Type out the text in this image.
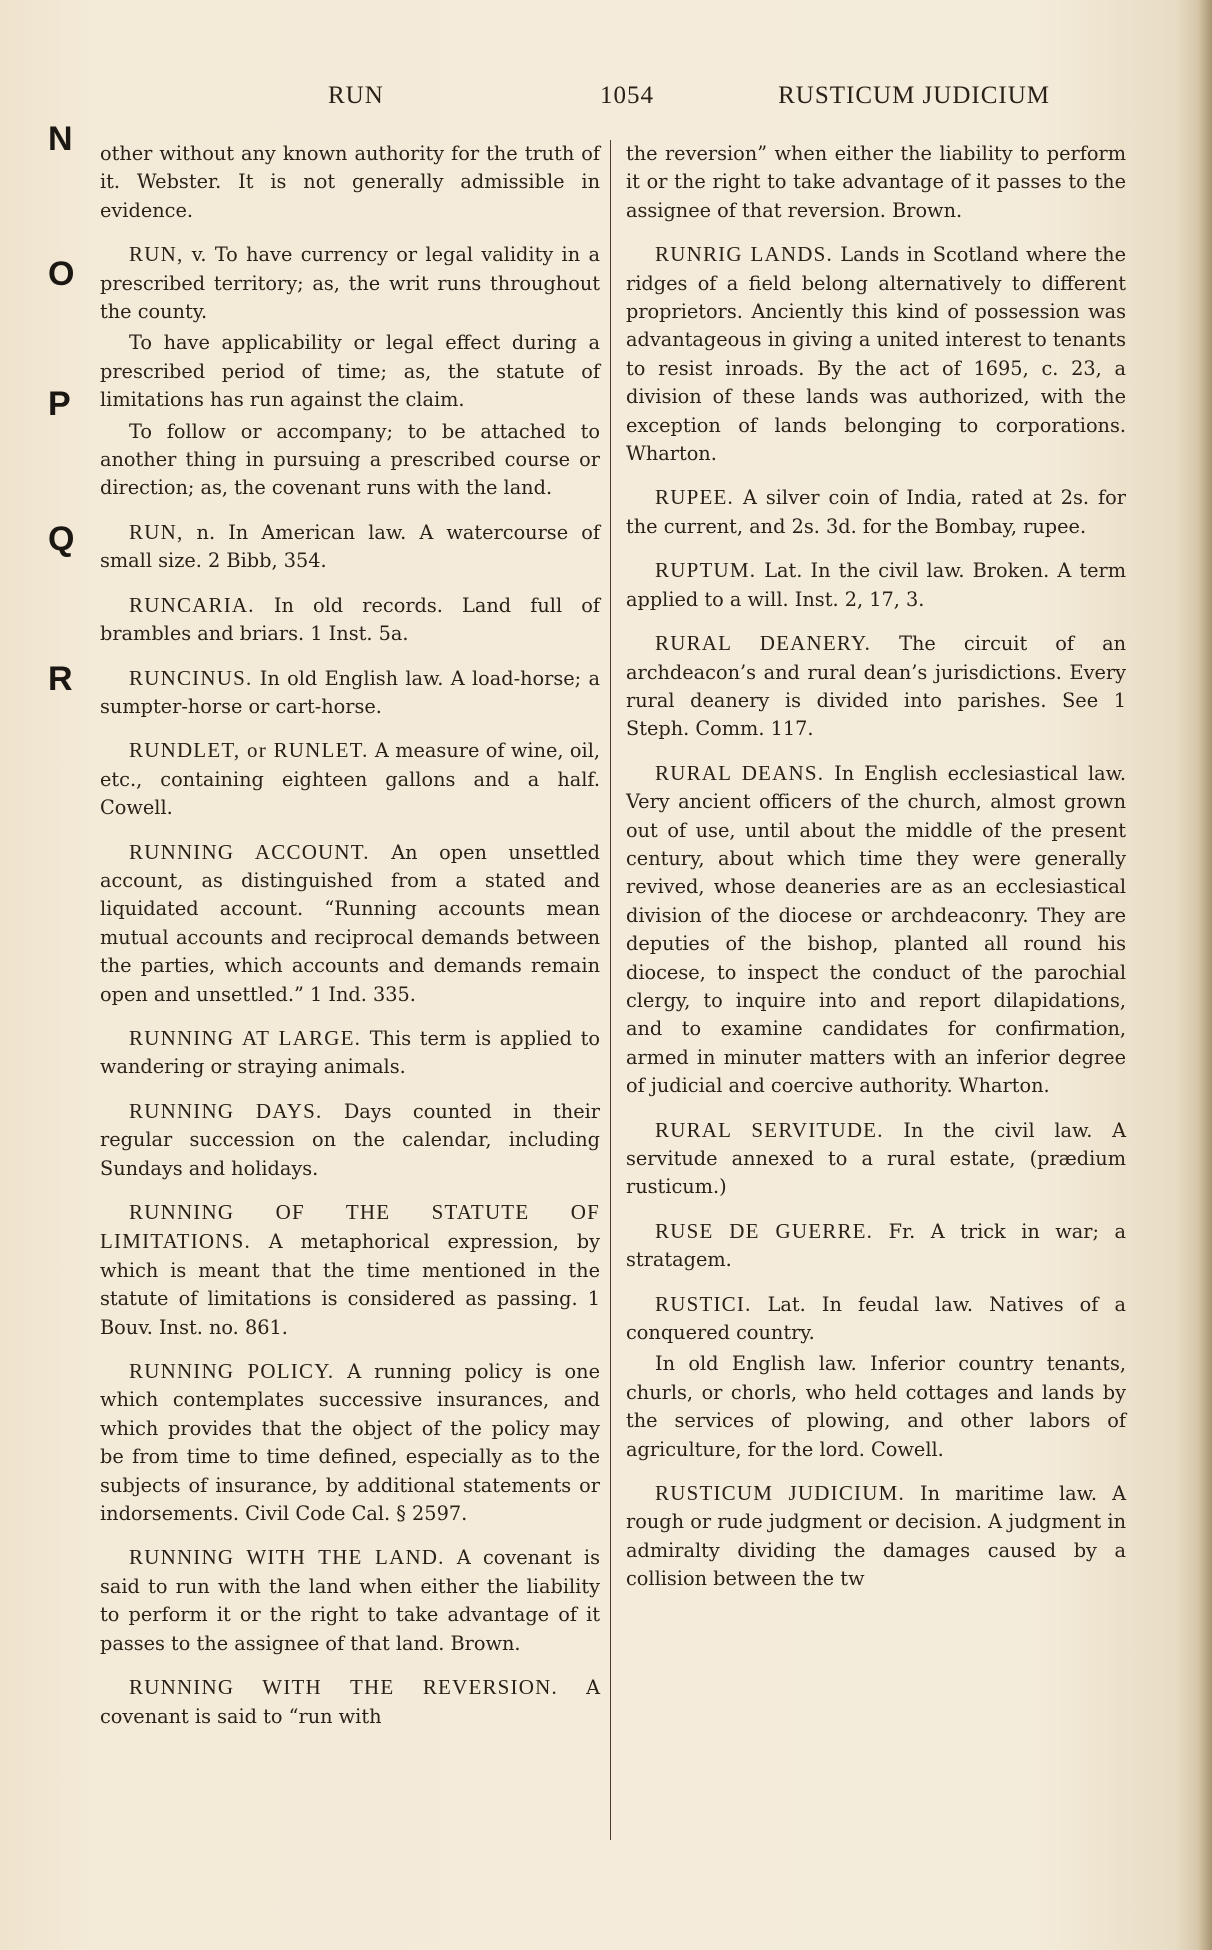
RUN	1054	RUSTICUM JUDICIUM
N
O
P
Q
R

other without any known authority for the truth of it. Webster. It is not generally admissible in evidence.

RUN, v. To have currency or legal validity in a prescribed territory; as, the writ runs throughout the county.

To have applicability or legal effect during a prescribed period of time; as, the statute of limitations has run against the claim.

To follow or accompany; to be attached to another thing in pursuing a prescribed course or direction; as, the covenant runs with the land.

RUN, n. In American law. A watercourse of small size. 2 Bibb, 354.

RUNCARIA. In old records. Land full of brambles and briars. 1 Inst. 5a.

RUNCINUS. In old English law. A load-horse; a sumpter-horse or cart-horse.

RUNDLET, or RUNLET. A measure of wine, oil, etc., containing eighteen gallons and a half. Cowell.

RUNNING ACCOUNT. An open unsettled account, as distinguished from a stated and liquidated account. “Running accounts mean mutual accounts and reciprocal demands between the parties, which accounts and demands remain open and unsettled.” 1 Ind. 335.

RUNNING AT LARGE. This term is applied to wandering or straying animals.

RUNNING DAYS. Days counted in their regular succession on the calendar, including Sundays and holidays.

RUNNING OF THE STATUTE OF LIMITATIONS. A metaphorical expression, by which is meant that the time mentioned in the statute of limitations is considered as passing. 1 Bouv. Inst. no. 861.

RUNNING POLICY. A running policy is one which contemplates successive insurances, and which provides that the object of the policy may be from time to time defined, especially as to the subjects of insurance, by additional statements or indorsements. Civil Code Cal. § 2597.

RUNNING WITH THE LAND. A covenant is said to run with the land when either the liability to perform it or the right to take advantage of it passes to the assignee of that land. Brown.

RUNNING WITH THE REVERSION. A covenant is said to “run with

the reversion” when either the liability to perform it or the right to take advantage of it passes to the assignee of that reversion. Brown.

RUNRIG LANDS. Lands in Scotland where the ridges of a field belong alternatively to different proprietors. Anciently this kind of possession was advantageous in giving a united interest to tenants to resist inroads. By the act of 1695, c. 23, a division of these lands was authorized, with the exception of lands belonging to corporations. Wharton.

RUPEE. A silver coin of India, rated at 2s. for the current, and 2s. 3d. for the Bombay, rupee.

RUPTUM. Lat. In the civil law. Broken. A term applied to a will. Inst. 2, 17, 3.

RURAL DEANERY. The circuit of an archdeacon’s and rural dean’s jurisdictions. Every rural deanery is divided into parishes. See 1 Steph. Comm. 117.

RURAL DEANS. In English ecclesiastical law. Very ancient officers of the church, almost grown out of use, until about the middle of the present century, about which time they were generally revived, whose deaneries are as an ecclesiastical division of the diocese or archdeaconry. They are deputies of the bishop, planted all round his diocese, to inspect the conduct of the parochial clergy, to inquire into and report dilapidations, and to examine candidates for confirmation, armed in minuter matters with an inferior degree of judicial and coercive authority. Wharton.

RURAL SERVITUDE. In the civil law. A servitude annexed to a rural estate, (prædium rusticum.)

RUSE DE GUERRE. Fr. A trick in war; a stratagem.

RUSTICI. Lat. In feudal law. Natives of a conquered country.

In old English law. Inferior country tenants, churls, or chorls, who held cottages and lands by the services of plowing, and other labors of agriculture, for the lord. Cowell.

RUSTICUM JUDICIUM. In maritime law. A rough or rude judgment or decision. A judgment in admiralty dividing the damages caused by a collision between the tw
